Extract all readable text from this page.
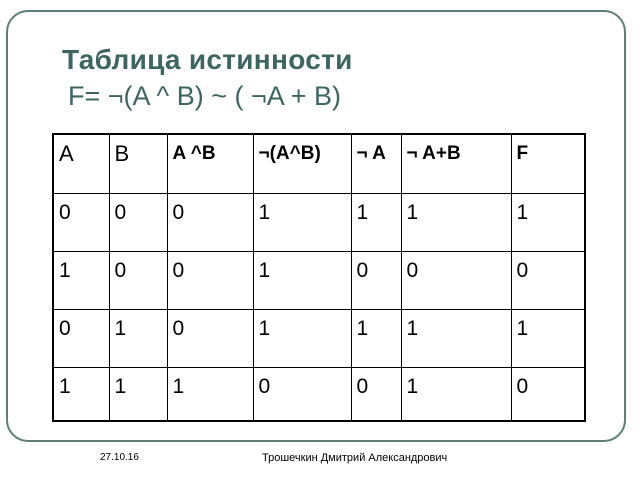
Таблица истинности
F= ¬(A ^ B) ~ ( ¬A + B)
A	B	A ^B	¬(A^B)	¬ A	¬ A+B	F

0	0	0	1	1	1	1

1	0	0	1	0	0	0

0	1	0	1	1	1	1

1	1	1	0	0	1	0
27.10.16	Трошечкин Дмитрий Александрович
